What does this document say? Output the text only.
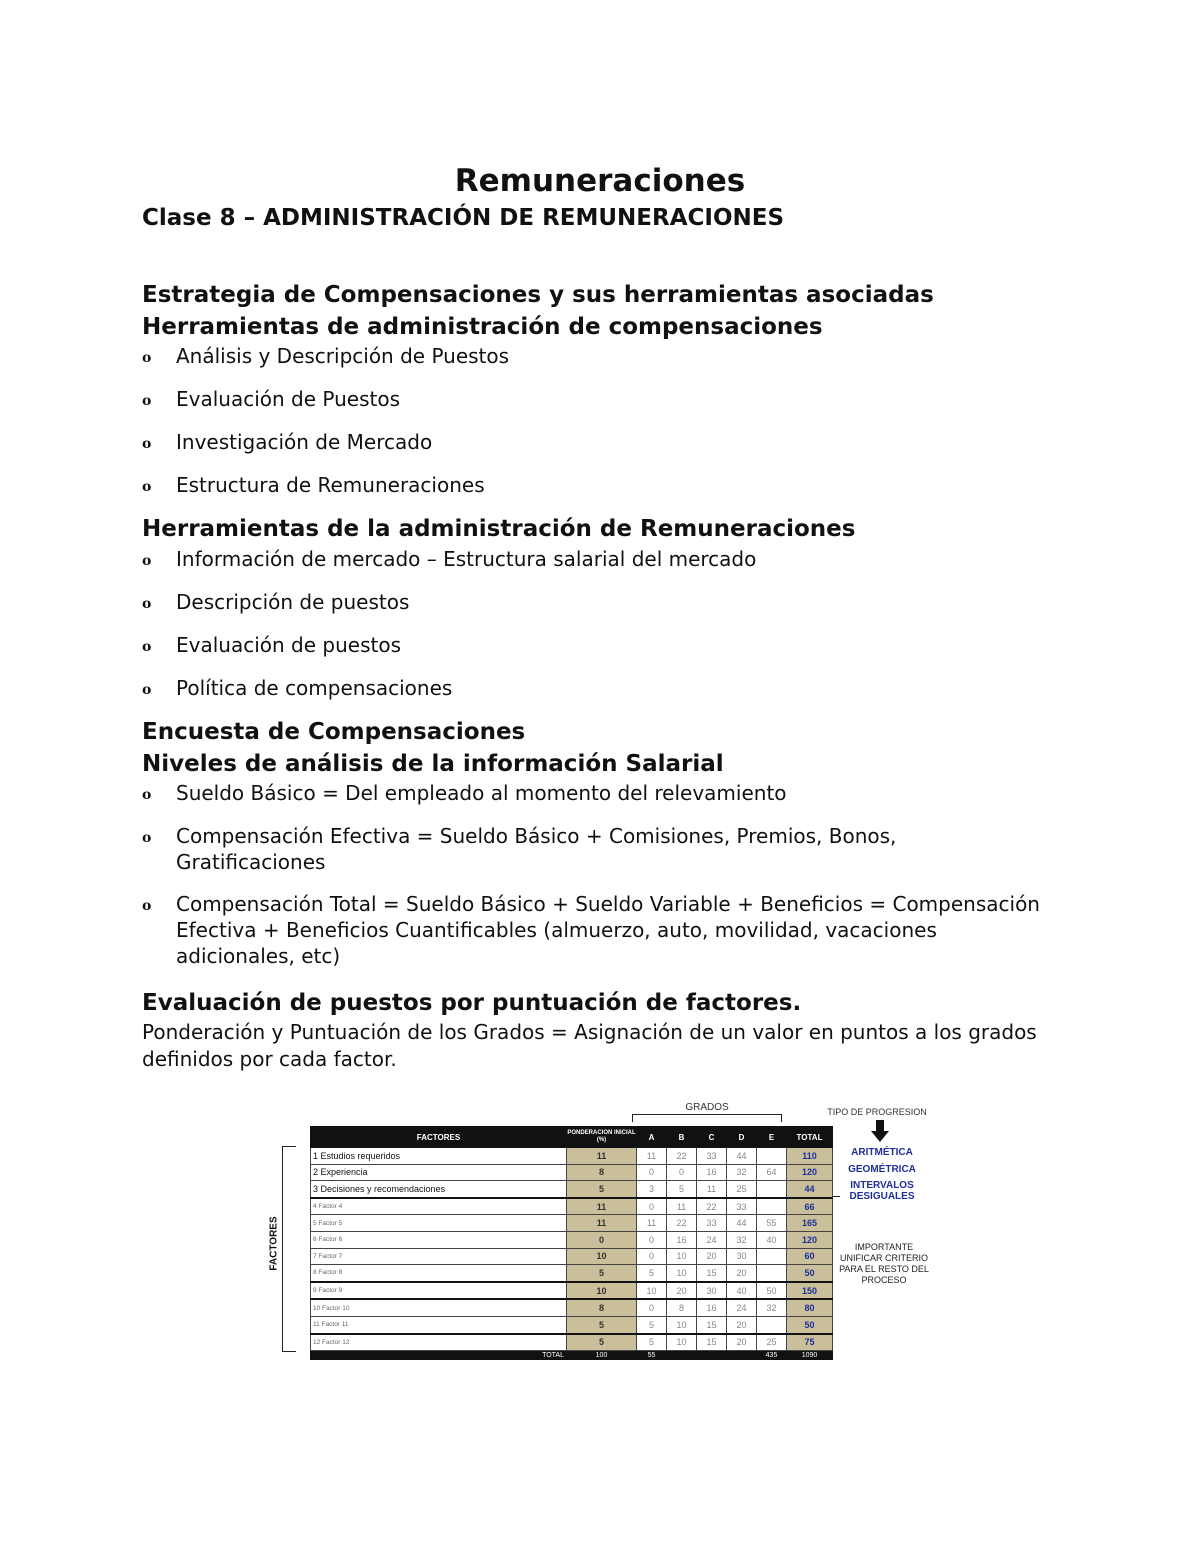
Remuneraciones
Clase 8 – ADMINISTRACIÓN DE REMUNERACIONES
Estrategia de Compensaciones y sus herramientas asociadas
Herramientas de administración de compensaciones
o Análisis y Descripción de Puestos
o Evaluación de Puestos
o Investigación de Mercado
o Estructura de Remuneraciones
Herramientas de la administración de Remuneraciones
o Información de mercado – Estructura salarial del mercado
o Descripción de puestos
o Evaluación de puestos
o Política de compensaciones
Encuesta de Compensaciones
Niveles de análisis de la información Salarial
o Sueldo Básico = Del empleado al momento del relevamiento
o Compensación Efectiva = Sueldo Básico + Comisiones, Premios, Bonos, Gratificaciones
o Compensación Total = Sueldo Básico + Sueldo Variable + Beneficios = Compensación Efectiva + Beneficios Cuantificables (almuerzo, auto, movilidad, vacaciones adicionales, etc)
Evaluación de puestos por puntuación de factores.

Ponderación y Puntuación de los Grados = Asignación de un valor en puntos a los grados definidos por cada factor.

GRADOS
FACTORES
FACTORES	PONDERACION INICIAL (%)	A	B	C	D	E	TOTAL
1 Estudios requeridos	11	11	22	33	44		110
2 Experiencia	8	0	0	16	32	64	120
3 Decisiones y recomendaciones	5	3	5	11	25		44
4 Factor 4	11	0	11	22	33		66
5 Factor 5	11	11	22	33	44	55	165
6 Factor 6	0	0	16	24	32	40	120
7 Factor 7	10	0	10	20	30		60
8 Factor 8	5	5	10	15	20		50
9 Factor 9	10	10	20	30	40	50	150
10 Factor 10	8	0	8	16	24	32	80
11 Factor 11	5	5	10	15	20		50
12 Factor 12	5	5	10	15	20	25	75
TOTAL	100	55				435	1090
TIPO DE PROGRESION
ARITMÉTICA
GEOMÉTRICA
INTERVALOS DESIGUALES
IMPORTANTE UNIFICAR CRITERIO PARA EL RESTO DEL PROCESO
